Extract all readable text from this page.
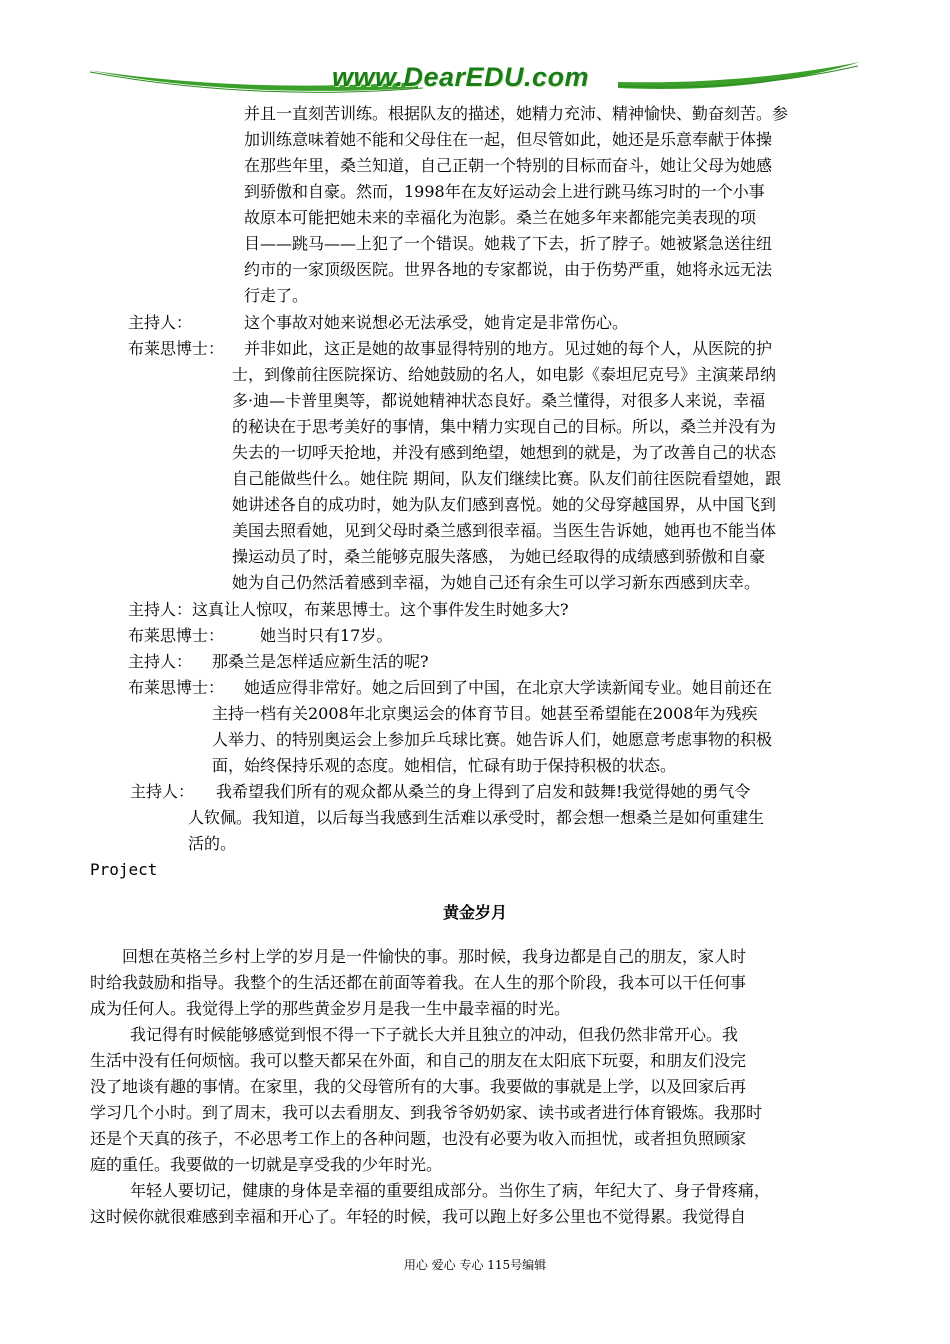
www.DearEDU.com
并且一直刻苦训练。根据队友的描述，她精力充沛、精神愉快、勤奋刻苦。参
加训练意味着她不能和父母住在一起，但尽管如此，她还是乐意奉献于体操
在那些年里，桑兰知道，自己正朝一个特别的目标而奋斗，她让父母为她感
到骄傲和自豪。然而，1998年在友好运动会上进行跳马练习时的一个小事
故原本可能把她未来的幸福化为泡影。桑兰在她多年来都能完美表现的项
目——跳马——上犯了一个错误。她栽了下去，折了脖子。她被紧急送往纽
约市的一家顶级医院。世界各地的专家都说，由于伤势严重，她将永远无法
行走了。
主持人：	这个事故对她来说想必无法承受，她肯定是非常伤心。
布莱思博士： 并非如此，这正是她的故事显得特别的地方。见过她的每个人，从医院的护
士，到像前往医院探访、给她鼓励的名人，如电影《泰坦尼克号》主演莱昂纳
多·迪—卡普里奥等，都说她精神状态良好。桑兰懂得，对很多人来说，幸福
的秘诀在于思考美好的事情，集中精力实现自己的目标。所以，桑兰并没有为
失去的一切呼天抢地，并没有感到绝望，她想到的就是，为了改善自己的状态
自己能做些什么。她住院 期间，队友们继续比赛。队友们前往医院看望她，跟
她讲述各自的成功时，她为队友们感到喜悦。她的父母穿越国界，从中国飞到
美国去照看她，见到父母时桑兰感到很幸福。当医生告诉她，她再也不能当体
操运动员了时，桑兰能够克服失落感， 为她已经取得的成绩感到骄傲和自豪
她为自己仍然活着感到幸福，为她自己还有余生可以学习新东西感到庆幸。
主持人：这真让人惊叹，布莱思博士。这个事件发生时她多大?
布莱思博士： 她当时只有17岁。
主持人： 那桑兰是怎样适应新生活的呢?
布莱思博士： 她适应得非常好。她之后回到了中国，在北京大学读新闻专业。她目前还在
主持一档有关2008年北京奥运会的体育节目。她甚至希望能在2008年为残疾
人举力、的特别奥运会上参加乒乓球比赛。她告诉人们，她愿意考虑事物的积极
面，始终保持乐观的态度。她相信，忙碌有助于保持积极的状态。
主持人： 我希望我们所有的观众都从桑兰的身上得到了启发和鼓舞!我觉得她的勇气令
人钦佩。我知道，以后每当我感到生活难以承受时，都会想一想桑兰是如何重建生
活的。
Project
黄金岁月
回想在英格兰乡村上学的岁月是一件愉快的事。那时候，我身边都是自己的朋友，家人时
时给我鼓励和指导。我整个的生活还都在前面等着我。在人生的那个阶段，我本可以干任何事
成为任何人。我觉得上学的那些黄金岁月是我一生中最幸福的时光。
我记得有时候能够感觉到恨不得一下子就长大并且独立的冲动，但我仍然非常开心。我
生活中没有任何烦恼。我可以整天都呆在外面，和自己的朋友在太阳底下玩耍，和朋友们没完
没了地谈有趣的事情。在家里，我的父母管所有的大事。我要做的事就是上学，以及回家后再
学习几个小时。到了周末，我可以去看朋友、到我爷爷奶奶家、读书或者进行体育锻炼。我那时
还是个天真的孩子，不必思考工作上的各种问题，也没有必要为收入而担忧，或者担负照顾家
庭的重任。我要做的一切就是享受我的少年时光。
年轻人要切记，健康的身体是幸福的重要组成部分。当你生了病，年纪大了、身子骨疼痛，
这时候你就很难感到幸福和开心了。年轻的时候，我可以跑上好多公里也不觉得累。我觉得自
用心 爱心 专心 115号编辑
